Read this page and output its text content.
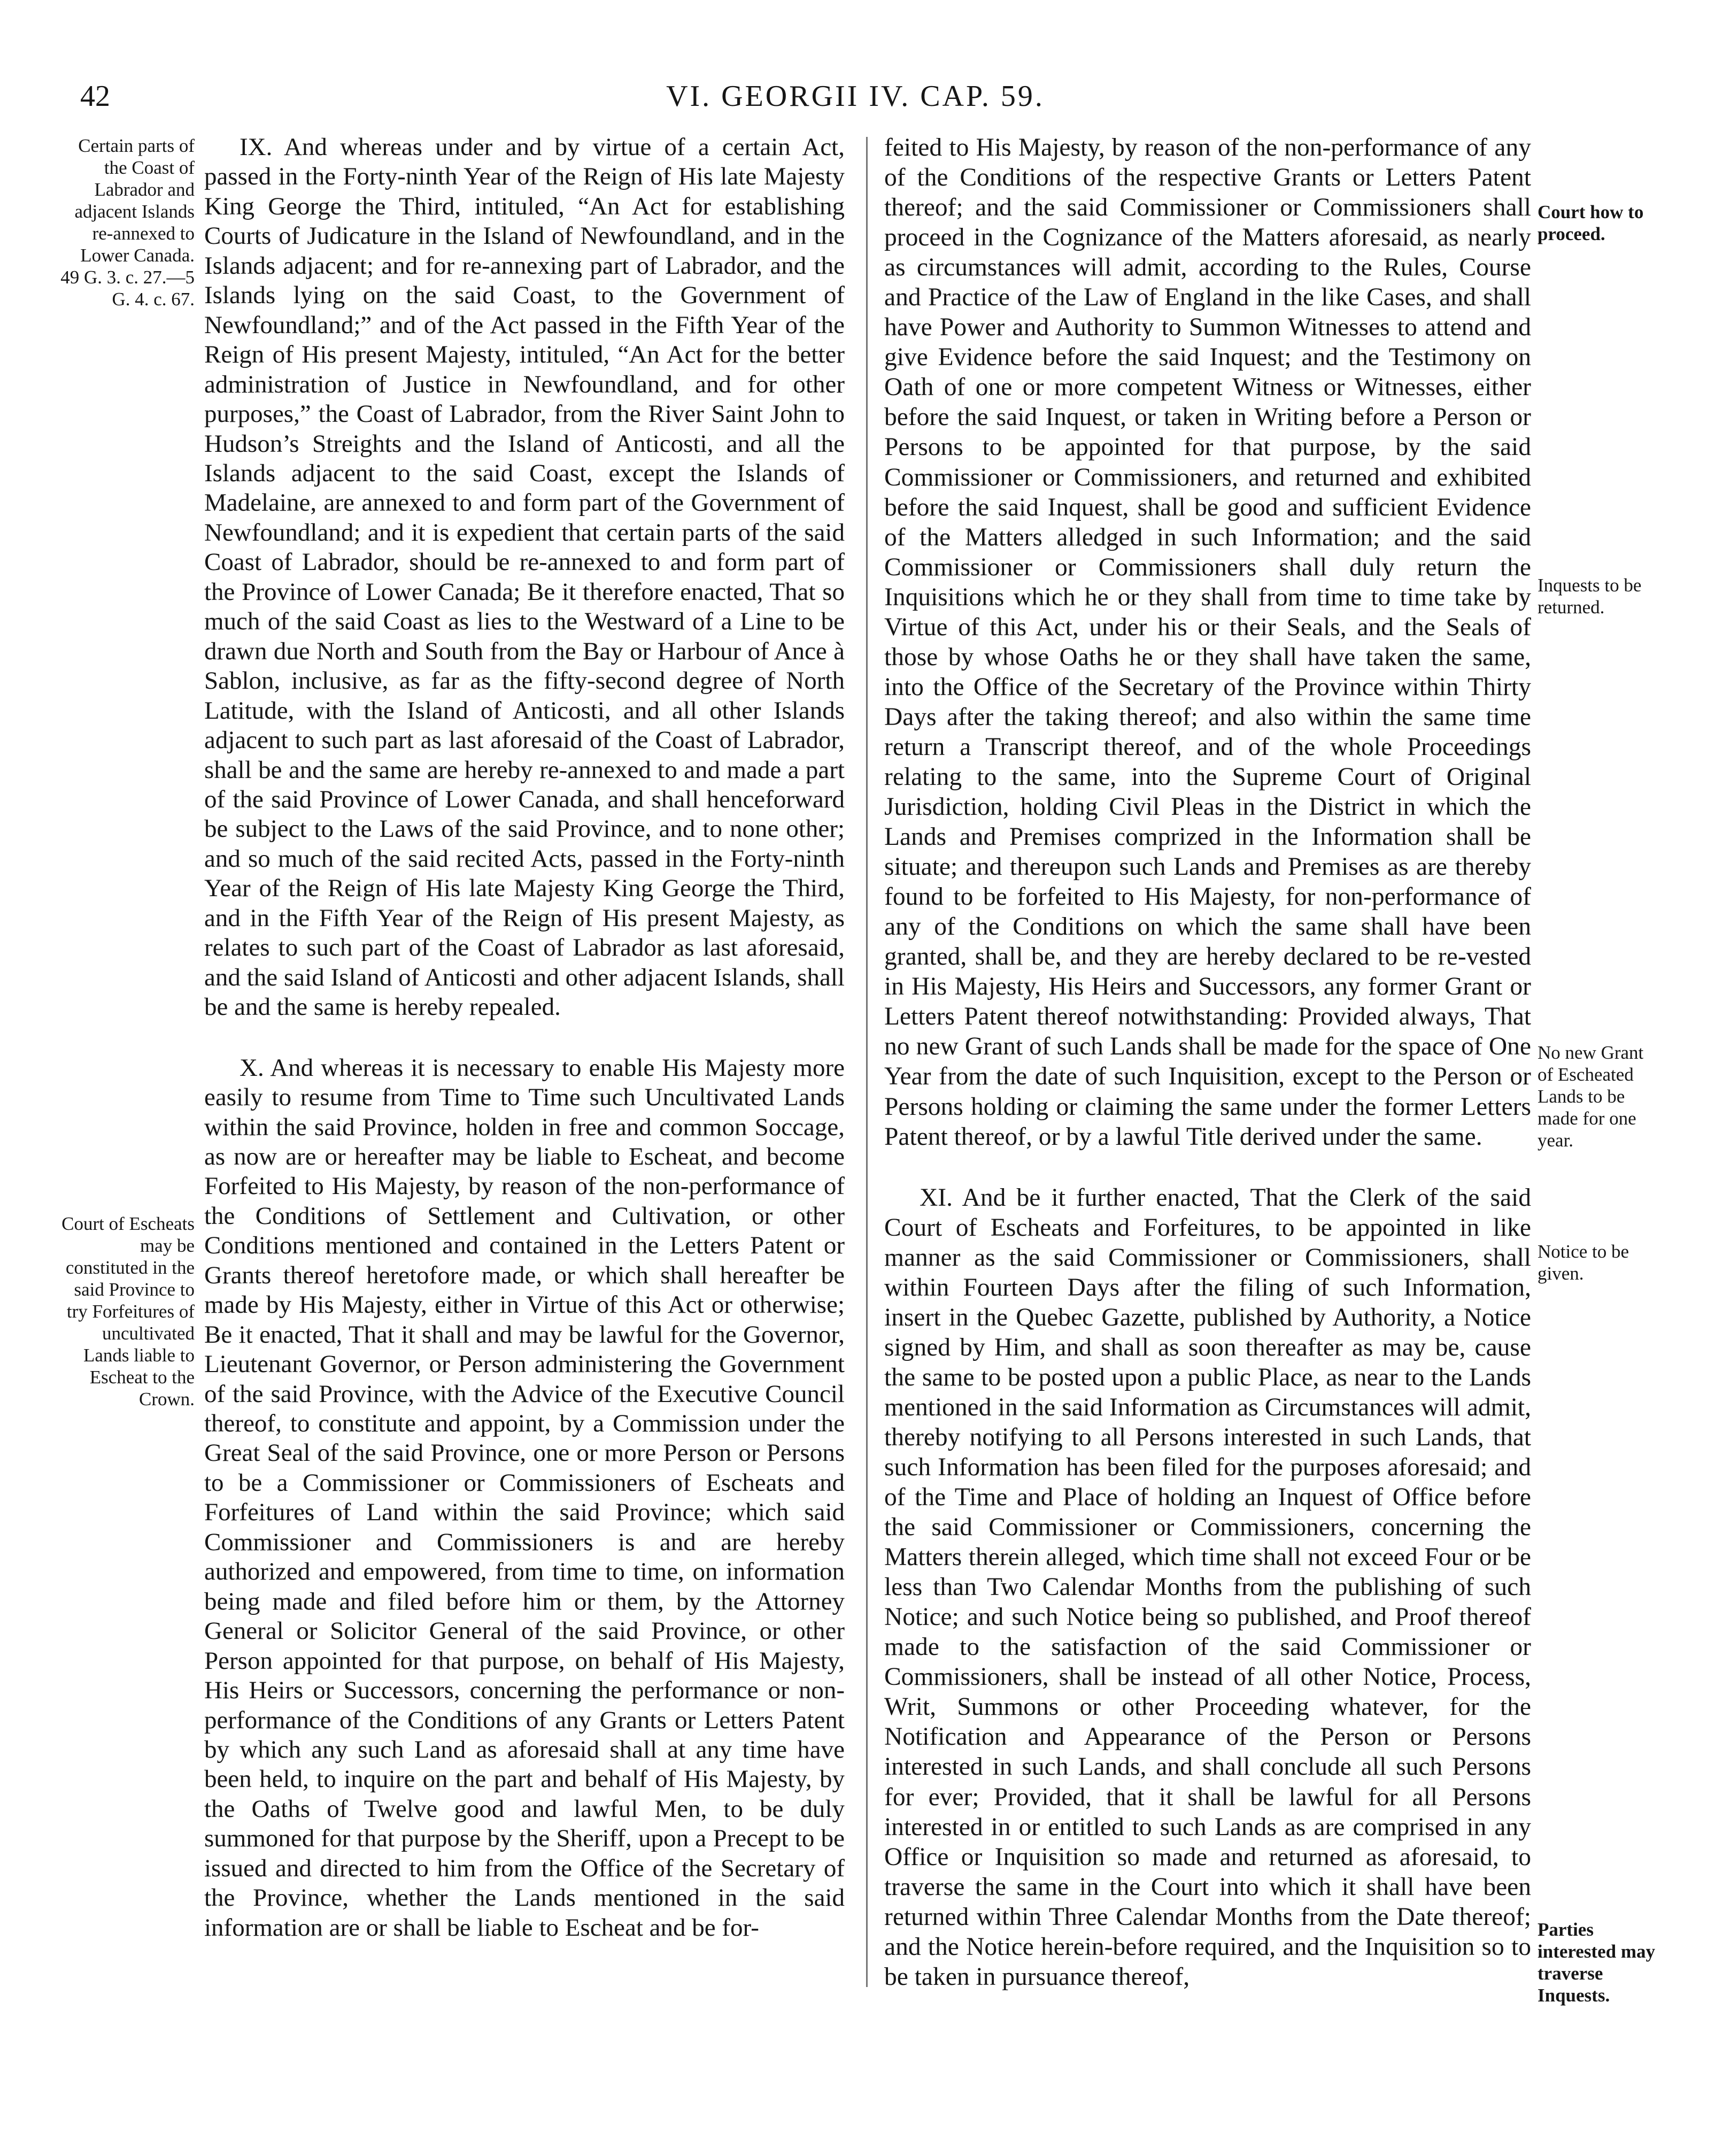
42	VI. GEORGII IV. CAP. 59.
Certain parts of the Coast of Labrador and adjacent Islands re-annexed to Lower Canada. 49 G. 3. c. 27.—5 G. 4. c. 67.
Court of Escheats may be constituted in the said Province to try Forfeitures of uncultivated Lands liable to Escheat to the Crown.

IX. And whereas under and by virtue of a certain Act, passed in the Forty-ninth Year of the Reign of His late Majesty King George the Third, intituled, “An Act for establishing Courts of Judicature in the Island of Newfoundland, and in the Islands adjacent; and for re-annexing part of Labrador, and the Islands lying on the said Coast, to the Government of Newfoundland;” and of the Act passed in the Fifth Year of the Reign of His present Majesty, intituled, “An Act for the better administration of Justice in Newfoundland, and for other purposes,” the Coast of Labrador, from the River Saint John to Hudson’s Streights and the Island of Anticosti, and all the Islands adjacent to the said Coast, except the Islands of Madelaine, are annexed to and form part of the Government of Newfoundland; and it is expedient that certain parts of the said Coast of Labrador, should be re-annexed to and form part of the Province of Lower Canada; Be it therefore enacted, That so much of the said Coast as lies to the Westward of a Line to be drawn due North and South from the Bay or Harbour of Ance à Sablon, inclusive, as far as the fifty-second degree of North Latitude, with the Island of Anticosti, and all other Islands adjacent to such part as last aforesaid of the Coast of Labrador, shall be and the same are hereby re-annexed to and made a part of the said Province of Lower Canada, and shall henceforward be subject to the Laws of the said Province, and to none other; and so much of the said recited Acts, passed in the Forty-ninth Year of the Reign of His late Majesty King George the Third, and in the Fifth Year of the Reign of His present Majesty, as relates to such part of the Coast of Labrador as last aforesaid, and the said Island of Anticosti and other adjacent Islands, shall be and the same is hereby repealed.

X. And whereas it is necessary to enable His Majesty more easily to resume from Time to Time such Uncultivated Lands within the said Province, holden in free and common Soccage, as now are or hereafter may be liable to Escheat, and become Forfeited to His Majesty, by reason of the non-performance of the Conditions of Settlement and Cultivation, or other Conditions mentioned and contained in the Letters Patent or Grants thereof heretofore made, or which shall hereafter be made by His Majesty, either in Virtue of this Act or otherwise; Be it enacted, That it shall and may be lawful for the Governor, Lieutenant Governor, or Person administering the Government of the said Province, with the Advice of the Executive Council thereof, to constitute and appoint, by a Commission under the Great Seal of the said Province, one or more Person or Persons to be a Commissioner or Commissioners of Escheats and Forfeitures of Land within the said Province; which said Commissioner and Commissioners is and are hereby authorized and empowered, from time to time, on information being made and filed before him or them, by the Attorney General or Solicitor General of the said Province, or other Person appointed for that purpose, on behalf of His Majesty, His Heirs or Successors, concerning the performance or non-performance of the Conditions of any Grants or Letters Patent by which any such Land as aforesaid shall at any time have been held, to inquire on the part and behalf of His Majesty, by the Oaths of Twelve good and lawful Men, to be duly summoned for that purpose by the Sheriff, upon a Precept to be issued and directed to him from the Office of the Secretary of the Province, whether the Lands mentioned in the said information are or shall be liable to Escheat and be for-

feited to His Majesty, by reason of the non-performance of any of the Conditions of the respective Grants or Letters Patent thereof; and the said Commissioner or Commissioners shall proceed in the Cognizance of the Matters aforesaid, as nearly as circumstances will admit, according to the Rules, Course and Practice of the Law of England in the like Cases, and shall have Power and Authority to Summon Witnesses to attend and give Evidence before the said Inquest; and the Testimony on Oath of one or more competent Witness or Witnesses, either before the said Inquest, or taken in Writing before a Person or Persons to be appointed for that purpose, by the said Commissioner or Commissioners, and returned and exhibited before the said Inquest, shall be good and sufficient Evidence of the Matters alledged in such Information; and the said Commissioner or Commissioners shall duly return the Inquisitions which he or they shall from time to time take by Virtue of this Act, under his or their Seals, and the Seals of those by whose Oaths he or they shall have taken the same, into the Office of the Secretary of the Province within Thirty Days after the taking thereof; and also within the same time return a Transcript thereof, and of the whole Proceedings relating to the same, into the Supreme Court of Original Jurisdiction, holding Civil Pleas in the District in which the Lands and Premises comprized in the Information shall be situate; and thereupon such Lands and Premises as are thereby found to be forfeited to His Majesty, for non-performance of any of the Conditions on which the same shall have been granted, shall be, and they are hereby declared to be re-vested in His Majesty, His Heirs and Successors, any former Grant or Letters Patent thereof notwithstanding: Provided always, That no new Grant of such Lands shall be made for the space of One Year from the date of such Inquisition, except to the Person or Persons holding or claiming the same under the former Letters Patent thereof, or by a lawful Title derived under the same.

XI. And be it further enacted, That the Clerk of the said Court of Escheats and Forfeitures, to be appointed in like manner as the said Commissioner or Commissioners, shall within Fourteen Days after the filing of such Information, insert in the Quebec Gazette, published by Authority, a Notice signed by Him, and shall as soon thereafter as may be, cause the same to be posted upon a public Place, as near to the Lands mentioned in the said Information as Circumstances will admit, thereby notifying to all Persons interested in such Lands, that such Information has been filed for the purposes aforesaid; and of the Time and Place of holding an Inquest of Office before the said Commissioner or Commissioners, concerning the Matters therein alleged, which time shall not exceed Four or be less than Two Calendar Months from the publishing of such Notice; and such Notice being so published, and Proof thereof made to the satisfaction of the said Commissioner or Commissioners, shall be instead of all other Notice, Process, Writ, Summons or other Proceeding whatever, for the Notification and Appearance of the Person or Persons interested in such Lands, and shall conclude all such Persons for ever; Provided, that it shall be lawful for all Persons interested in or entitled to such Lands as are comprised in any Office or Inquisition so made and returned as aforesaid, to traverse the same in the Court into which it shall have been returned within Three Calendar Months from the Date thereof; and the Notice herein-before required, and the Inquisition so to be taken in pursuance thereof,

Court how to proceed.
Inquests to be returned.
No new Grant of Escheated Lands to be made for one year.
Notice to be given.
Parties interested may traverse Inquests.
